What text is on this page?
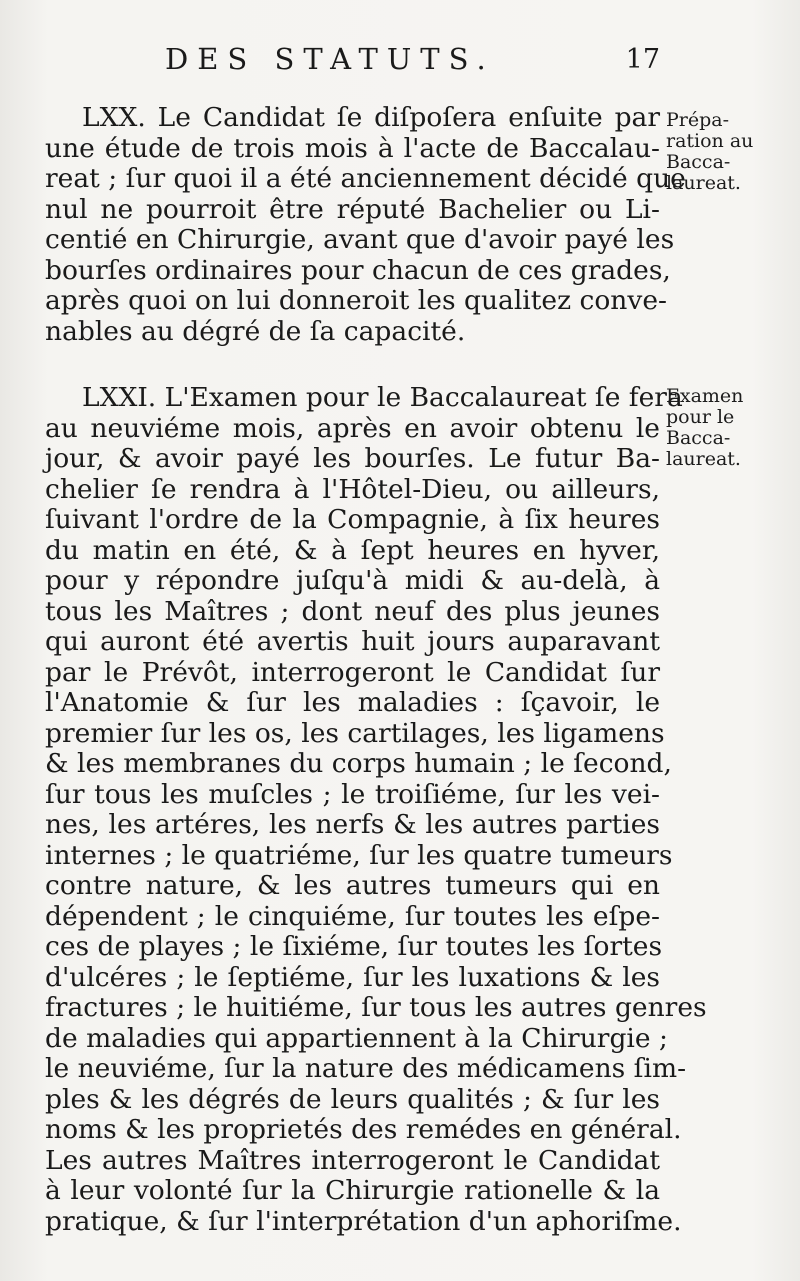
DES STATUTS.	17
LXX. Le Candidat ſe diſpoſera enſuite par
une étude de trois mois à l'acte de Baccalau-
reat ; ſur quoi il a été anciennement décidé que
nul ne pourroit être réputé Bachelier ou Li-
centié en Chirurgie, avant que d'avoir payé les
bourſes ordinaires pour chacun de ces grades,
après quoi on lui donneroit les qualitez conve-
nables au dégré de ſa capacité.
Prépa-
ration au
Bacca-
laureat.
LXXI. L'Examen pour le Baccalaureat ſe fera
au neuviéme mois, après en avoir obtenu le
jour, & avoir payé les bourſes. Le futur Ba-
chelier ſe rendra à l'Hôtel-Dieu, ou ailleurs,
ſuivant l'ordre de la Compagnie, à ſix heures
du matin en été, & à ſept heures en hyver,
pour y répondre juſqu'à midi & au-delà, à
tous les Maîtres ; dont neuf des plus jeunes
qui auront été avertis huit jours auparavant
par le Prévôt, interrogeront le Candidat ſur
l'Anatomie & ſur les maladies : ſçavoir, le
premier ſur les os, les cartilages, les ligamens
& les membranes du corps humain ; le ſecond,
ſur tous les muſcles ; le troiſiéme, ſur les vei-
nes, les artéres, les nerfs & les autres parties
internes ; le quatriéme, ſur les quatre tumeurs
contre nature, & les autres tumeurs qui en
dépendent ; le cinquiéme, ſur toutes les eſpe-
ces de playes ; le ſixiéme, ſur toutes les ſortes
d'ulcéres ; le ſeptiéme, ſur les luxations & les
fractures ; le huitiéme, ſur tous les autres genres
de maladies qui appartiennent à la Chirurgie ;
le neuviéme, ſur la nature des médicamens ſim-
ples & les dégrés de leurs qualités ; & ſur les
noms & les proprietés des remédes en général.
Les autres Maîtres interrogeront le Candidat
à leur volonté ſur la Chirurgie rationelle & la
pratique, & ſur l'interprétation d'un aphoriſme.
Examen
pour le
Bacca-
laureat.
